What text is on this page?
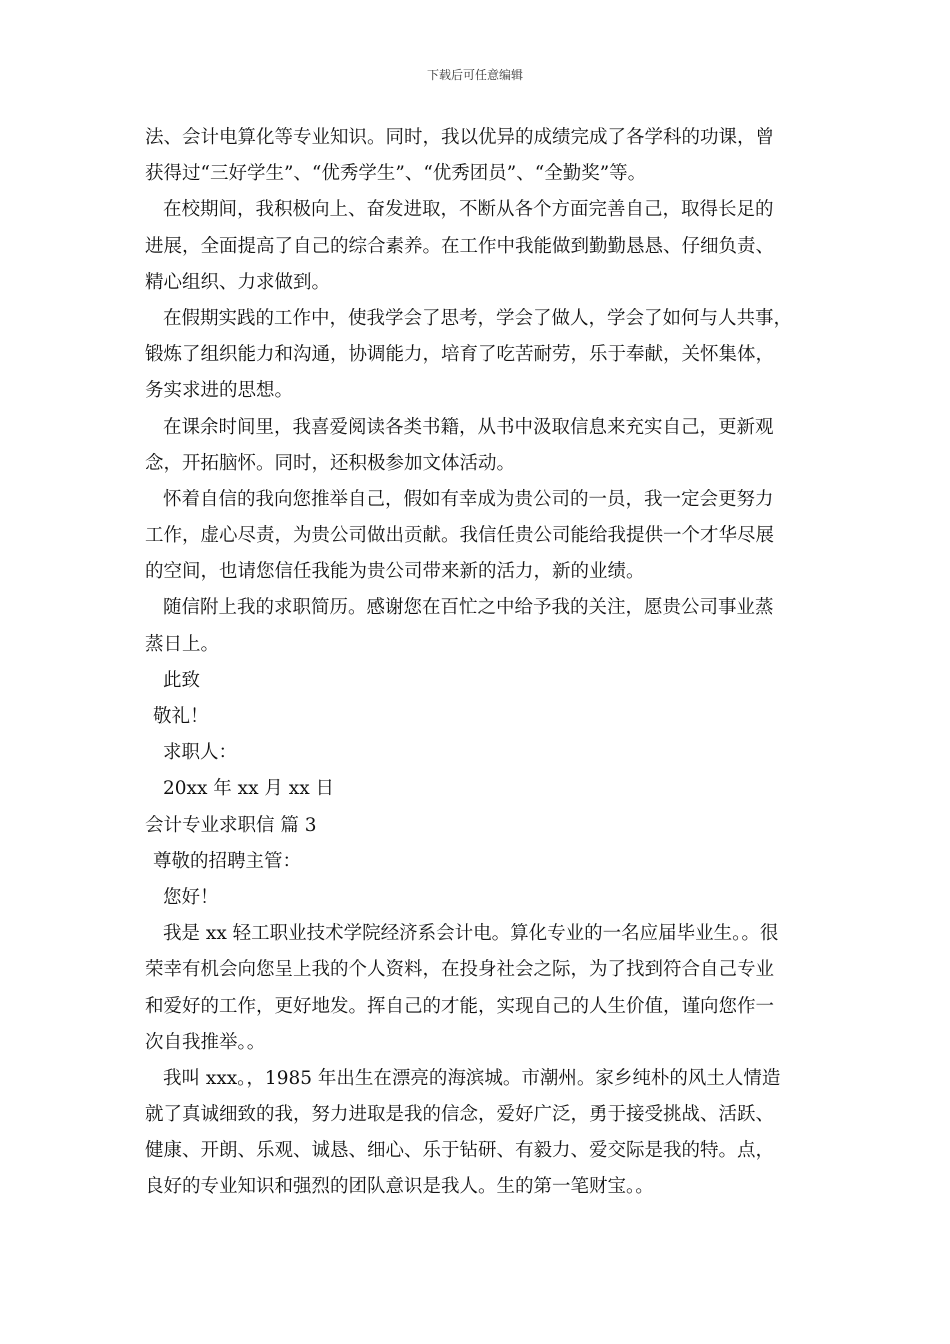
下载后可任意编辑
法、会计电算化等专业知识。同时，我以优异的成绩完成了各学科的功课，曾
获得过“三好学生”、“优秀学生”、“优秀团员”、“全勤奖”等。
在校期间，我积极向上、奋发进取，不断从各个方面完善自己，取得长足的
进展，全面提高了自己的综合素养。在工作中我能做到勤勤恳恳、仔细负责、
精心组织、力求做到。
在假期实践的工作中，使我学会了思考，学会了做人，学会了如何与人共事，
锻炼了组织能力和沟通，协调能力，培育了吃苦耐劳，乐于奉献，关怀集体，
务实求进的思想。
在课余时间里，我喜爱阅读各类书籍，从书中汲取信息来充实自己，更新观
念，开拓脑怀。同时，还积极参加文体活动。
怀着自信的我向您推举自己，假如有幸成为贵公司的一员，我一定会更努力
工作，虚心尽责，为贵公司做出贡献。我信任贵公司能给我提供一个才华尽展
的空间，也请您信任我能为贵公司带来新的活力，新的业绩。
随信附上我的求职简历。感谢您在百忙之中给予我的关注，愿贵公司事业蒸
蒸日上。
此致
敬礼！
求职人：
20xx 年 xx 月 xx 日
会计专业求职信 篇 3
尊敬的招聘主管：
您好！
我是 xx 轻工职业技术学院经济系会计电。算化专业的一名应届毕业生。。很
荣幸有机会向您呈上我的个人资料，在投身社会之际，为了找到符合自己专业
和爱好的工作，更好地发。挥自己的才能，实现自己的人生价值，谨向您作一
次自我推举。。
我叫 xxx。，1985 年出生在漂亮的海滨城。市潮州。家乡纯朴的风土人情造
就了真诚细致的我，努力进取是我的信念，爱好广泛，勇于接受挑战、活跃、
健康、开朗、乐观、诚恳、细心、乐于钻研、有毅力、爱交际是我的特。点，
良好的专业知识和强烈的团队意识是我人。生的第一笔财宝。。
